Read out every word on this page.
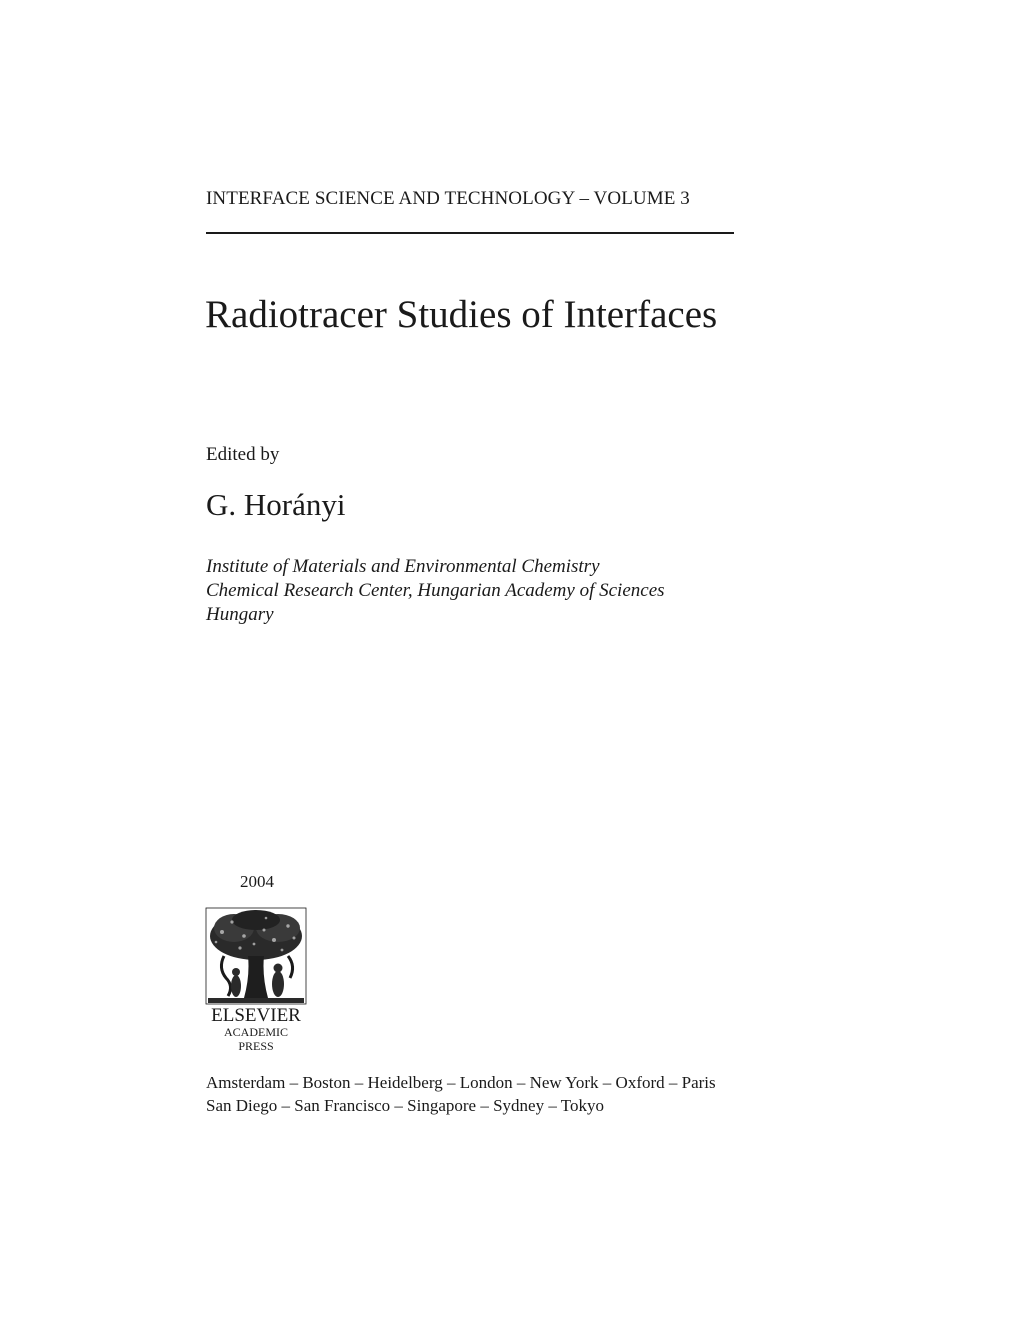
INTERFACE SCIENCE AND TECHNOLOGY – VOLUME 3
Radiotracer Studies of Interfaces
Edited by
G. Horányi
Institute of Materials and Environmental Chemistry
Chemical Research Center, Hungarian Academy of Sciences
Hungary
2004
ELSEVIER
ACADEMIC
PRESS
Amsterdam – Boston – Heidelberg – London – New York – Oxford – Paris
San Diego – San Francisco – Singapore – Sydney – Tokyo
